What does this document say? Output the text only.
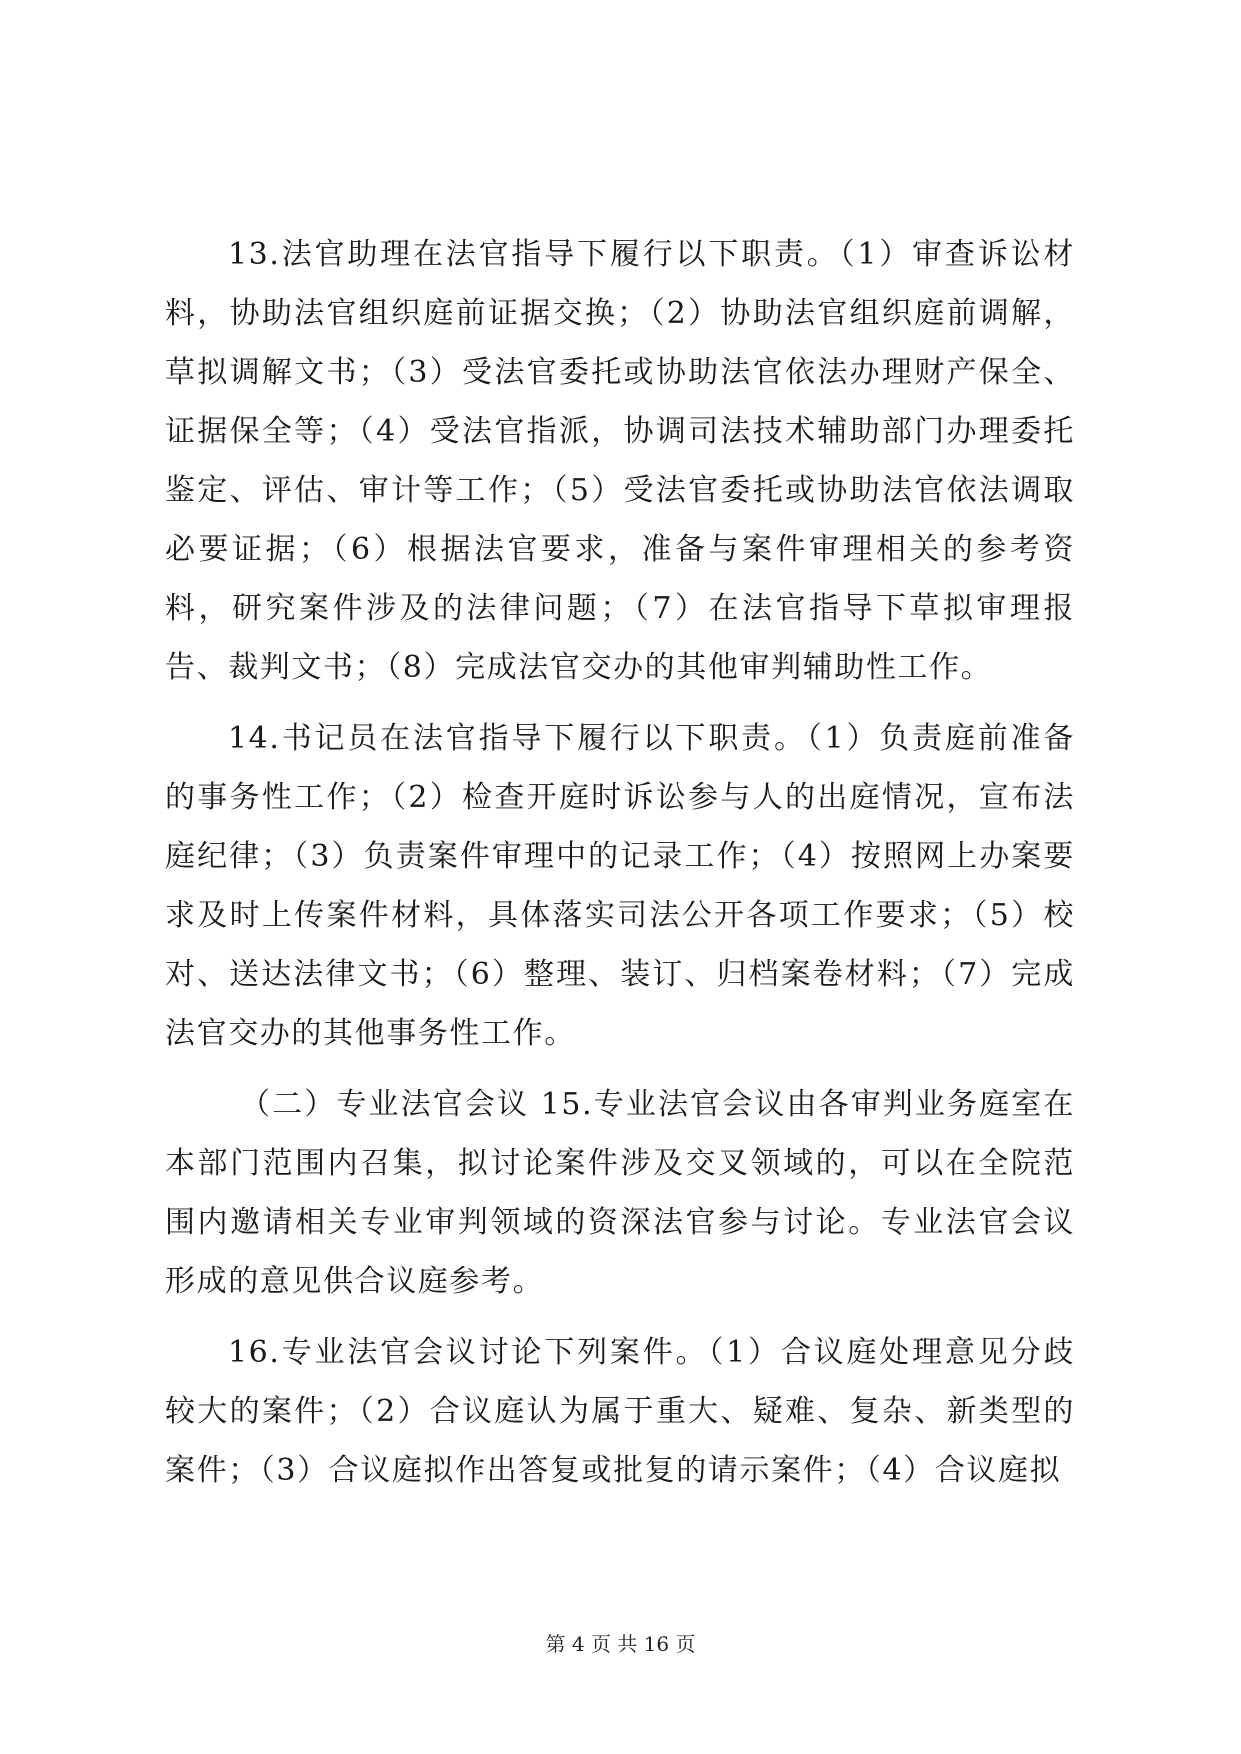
13.法官助理在法官指导下履行以下职责。（1）审查诉讼材料，协助法官组织庭前证据交换；（2）协助法官组织庭前调解，草拟调解文书；（3）受法官委托或协助法官依法办理财产保全、证据保全等；（4）受法官指派，协调司法技术辅助部门办理委托鉴定、评估、审计等工作；（5）受法官委托或协助法官依法调取必要证据；（6）根据法官要求，准备与案件审理相关的参考资料，研究案件涉及的法律问题；（7）在法官指导下草拟审理报告、裁判文书；（8）完成法官交办的其他审判辅助性工作。

14.书记员在法官指导下履行以下职责。（1）负责庭前准备的事务性工作；（2）检查开庭时诉讼参与人的出庭情况，宣布法庭纪律；（3）负责案件审理中的记录工作；（4）按照网上办案要求及时上传案件材料，具体落实司法公开各项工作要求；（5）校对、送达法律文书；（6）整理、装订、归档案卷材料；（7）完成法官交办的其他事务性工作。

（二）专业法官会议 15.专业法官会议由各审判业务庭室在本部门范围内召集，拟讨论案件涉及交叉领域的，可以在全院范围内邀请相关专业审判领域的资深法官参与讨论。专业法官会议形成的意见供合议庭参考。

16.专业法官会议讨论下列案件。（1）合议庭处理意见分歧较大的案件；（2）合议庭认为属于重大、疑难、复杂、新类型的案件；（3）合议庭拟作出答复或批复的请示案件；（4）合议庭拟

第 4 页 共 16 页
